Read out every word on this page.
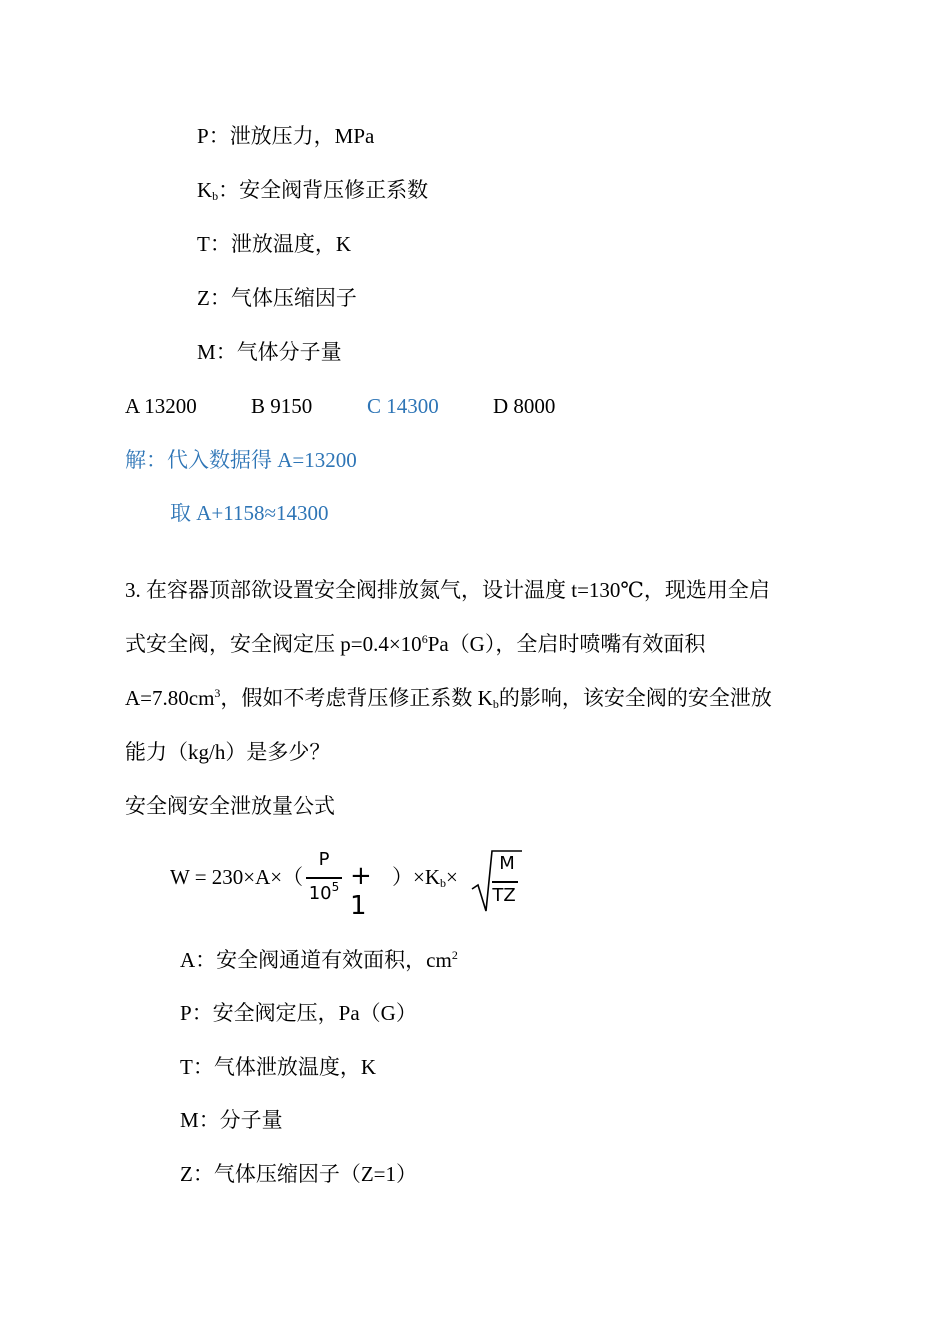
P：泄放压力，MPa
$K_b$：安全阀背压修正系数
T：泄放温度，K
Z：气体压缩因子
M：气体分子量
A 13200	B 9150	C 14300	D 8000
解：代入数据得 A=13200
取 A+1158≈14300
3. 在容器顶部欲设置安全阀排放氮气，设计温度 t=130℃，现选用全启
式安全阀，安全阀定压 $p=0.4\times 10^6Pa(G)$，全启时喷嘴有效面积
$A=7.80cm^3$，假如不考虑背压修正系数 $K_b$的影响，该安全阀的安全泄放
能力（kg/h）是多少？
安全阀安全泄放量公式
W = 230×A×（
P
$10^5 + 1$
）$\times K_b\times$
M
TZ
A：安全阀通道有效面积，$cm^2$
P：安全阀定压，Pa（G）
T：气体泄放温度，K
M：分子量
Z：气体压缩因子（Z=1）
